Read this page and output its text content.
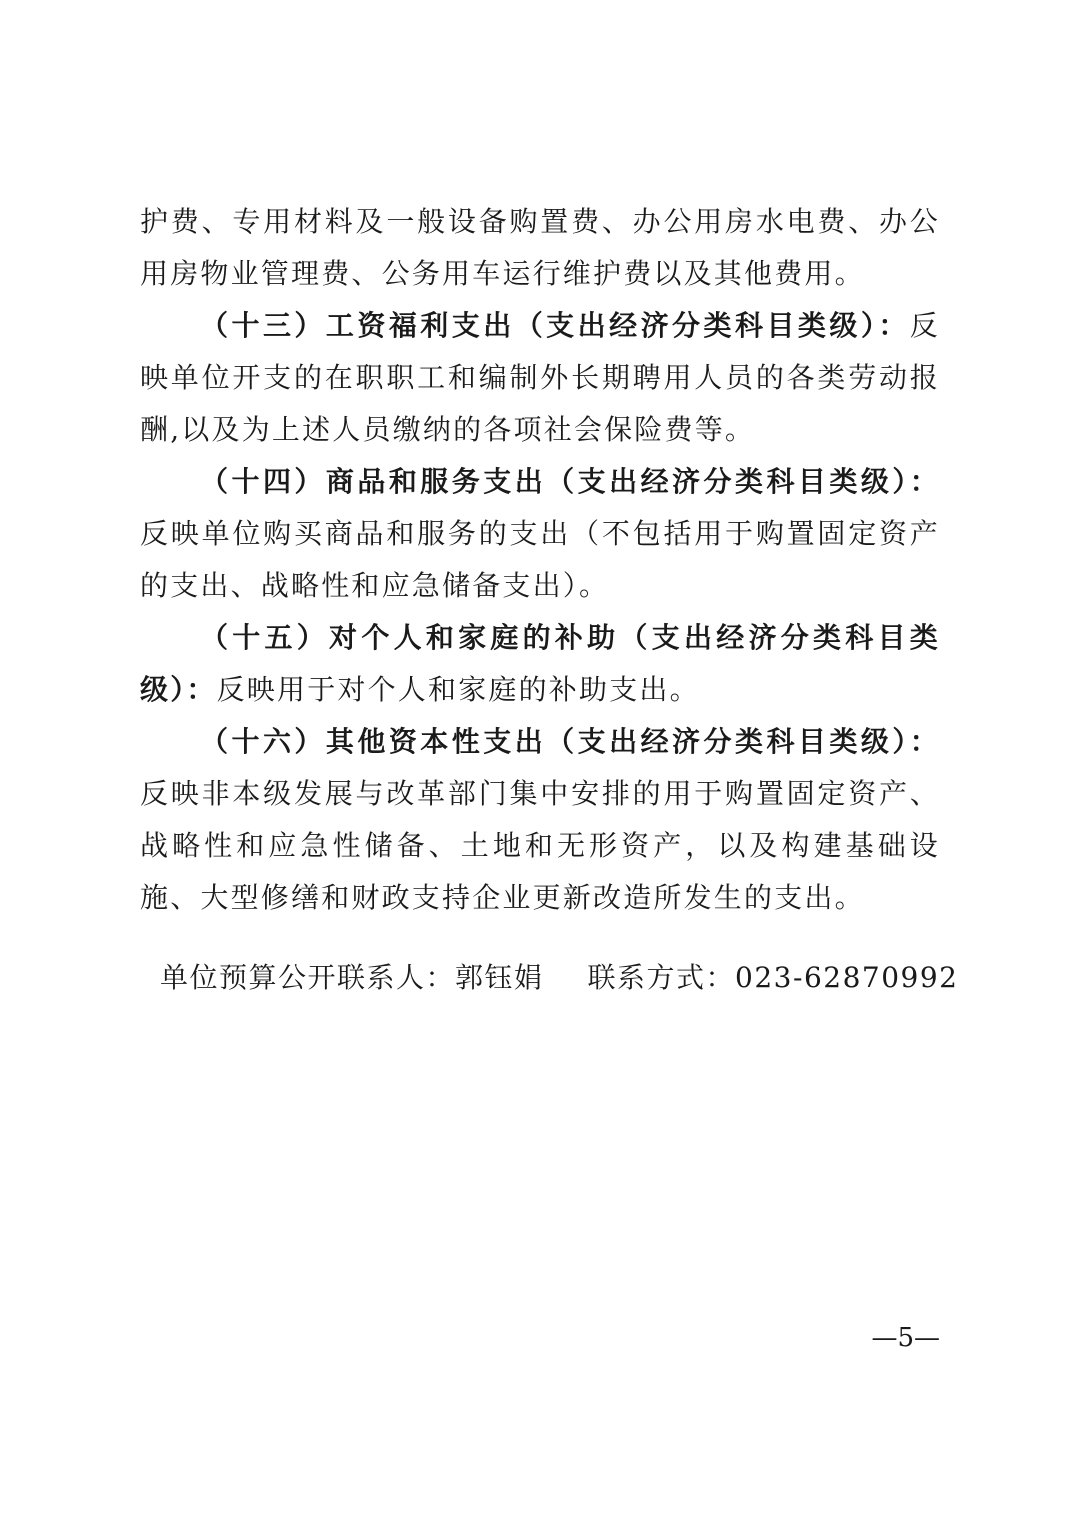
护费、专用材料及一般设备购置费、办公用房水电费、办公用房物业管理费、公务用车运行维护费以及其他费用。

（十三）工资福利支出（支出经济分类科目类级）：反映单位开支的在职职工和编制外长期聘用人员的各类劳动报酬,以及为上述人员缴纳的各项社会保险费等。

（十四）商品和服务支出（支出经济分类科目类级）：反映单位购买商品和服务的支出（不包括用于购置固定资产的支出、战略性和应急储备支出）。

（十五）对个人和家庭的补助（支出经济分类科目类级）：反映用于对个人和家庭的补助支出。

（十六）其他资本性支出（支出经济分类科目类级）：反映非本级发展与改革部门集中安排的用于购置固定资产、战略性和应急性储备、土地和无形资产，以及构建基础设施、大型修缮和财政支持企业更新改造所发生的支出。

单位预算公开联系人：郭钰娟 联系方式：023-62870992
—5—
